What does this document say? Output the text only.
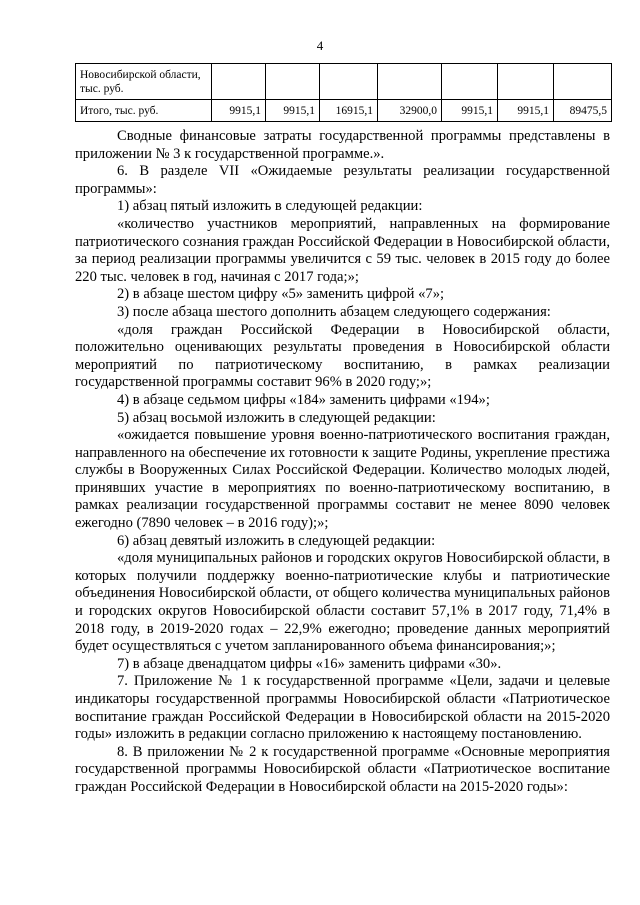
4
Новосибирской области, тыс. руб.							
Итого, тыс. руб.	9915,1	9915,1	16915,1	32900,0	9915,1	9915,1	89475,5

Сводные финансовые затраты государственной программы представлены в приложении № 3 к государственной программе.».

6. В разделе VII «Ожидаемые результаты реализации государственной программы»:

1) абзац пятый изложить в следующей редакции:

«количество участников мероприятий, направленных на формирование патриотического сознания граждан Российской Федерации в Новосибирской области, за период реализации программы увеличится с 59 тыс. человек в 2015 году до более 220 тыс. человек в год, начиная с 2017 года;»;

2) в абзаце шестом цифру «5» заменить цифрой «7»;

3) после абзаца шестого дополнить абзацем следующего содержания:

«доля граждан Российской Федерации в Новосибирской области, положительно оценивающих результаты проведения в Новосибирской области мероприятий по патриотическому воспитанию, в рамках реализации государственной программы составит 96% в 2020 году;»;

4) в абзаце седьмом цифры «184» заменить цифрами «194»;

5) абзац восьмой изложить в следующей редакции:

«ожидается повышение уровня военно-патриотического воспитания граждан, направленного на обеспечение их готовности к защите Родины, укрепление престижа службы в Вооруженных Силах Российской Федерации. Количество молодых людей, принявших участие в мероприятиях по военно-патриотическому воспитанию, в рамках реализации государственной программы составит не менее 8090 человек ежегодно (7890 человек – в 2016 году);»;

6) абзац девятый изложить в следующей редакции:

«доля муниципальных районов и городских округов Новосибирской области, в которых получили поддержку военно-патриотические клубы и патриотические объединения Новосибирской области, от общего количества муниципальных районов и городских округов Новосибирской области составит 57,1% в 2017 году, 71,4% в 2018 году, в 2019-2020 годах – 22,9% ежегодно; проведение данных мероприятий будет осуществляться с учетом запланированного объема финансирования;»;

7) в абзаце двенадцатом цифры «16» заменить цифрами «30».

7. Приложение № 1 к государственной программе «Цели, задачи и целевые индикаторы государственной программы Новосибирской области «Патриотическое воспитание граждан Российской Федерации в Новосибирской области на 2015-2020 годы» изложить в редакции согласно приложению к настоящему постановлению.

8. В приложении № 2 к государственной программе «Основные мероприятия государственной программы Новосибирской области «Патриотическое воспитание граждан Российской Федерации в Новосибирской области на 2015-2020 годы»:
